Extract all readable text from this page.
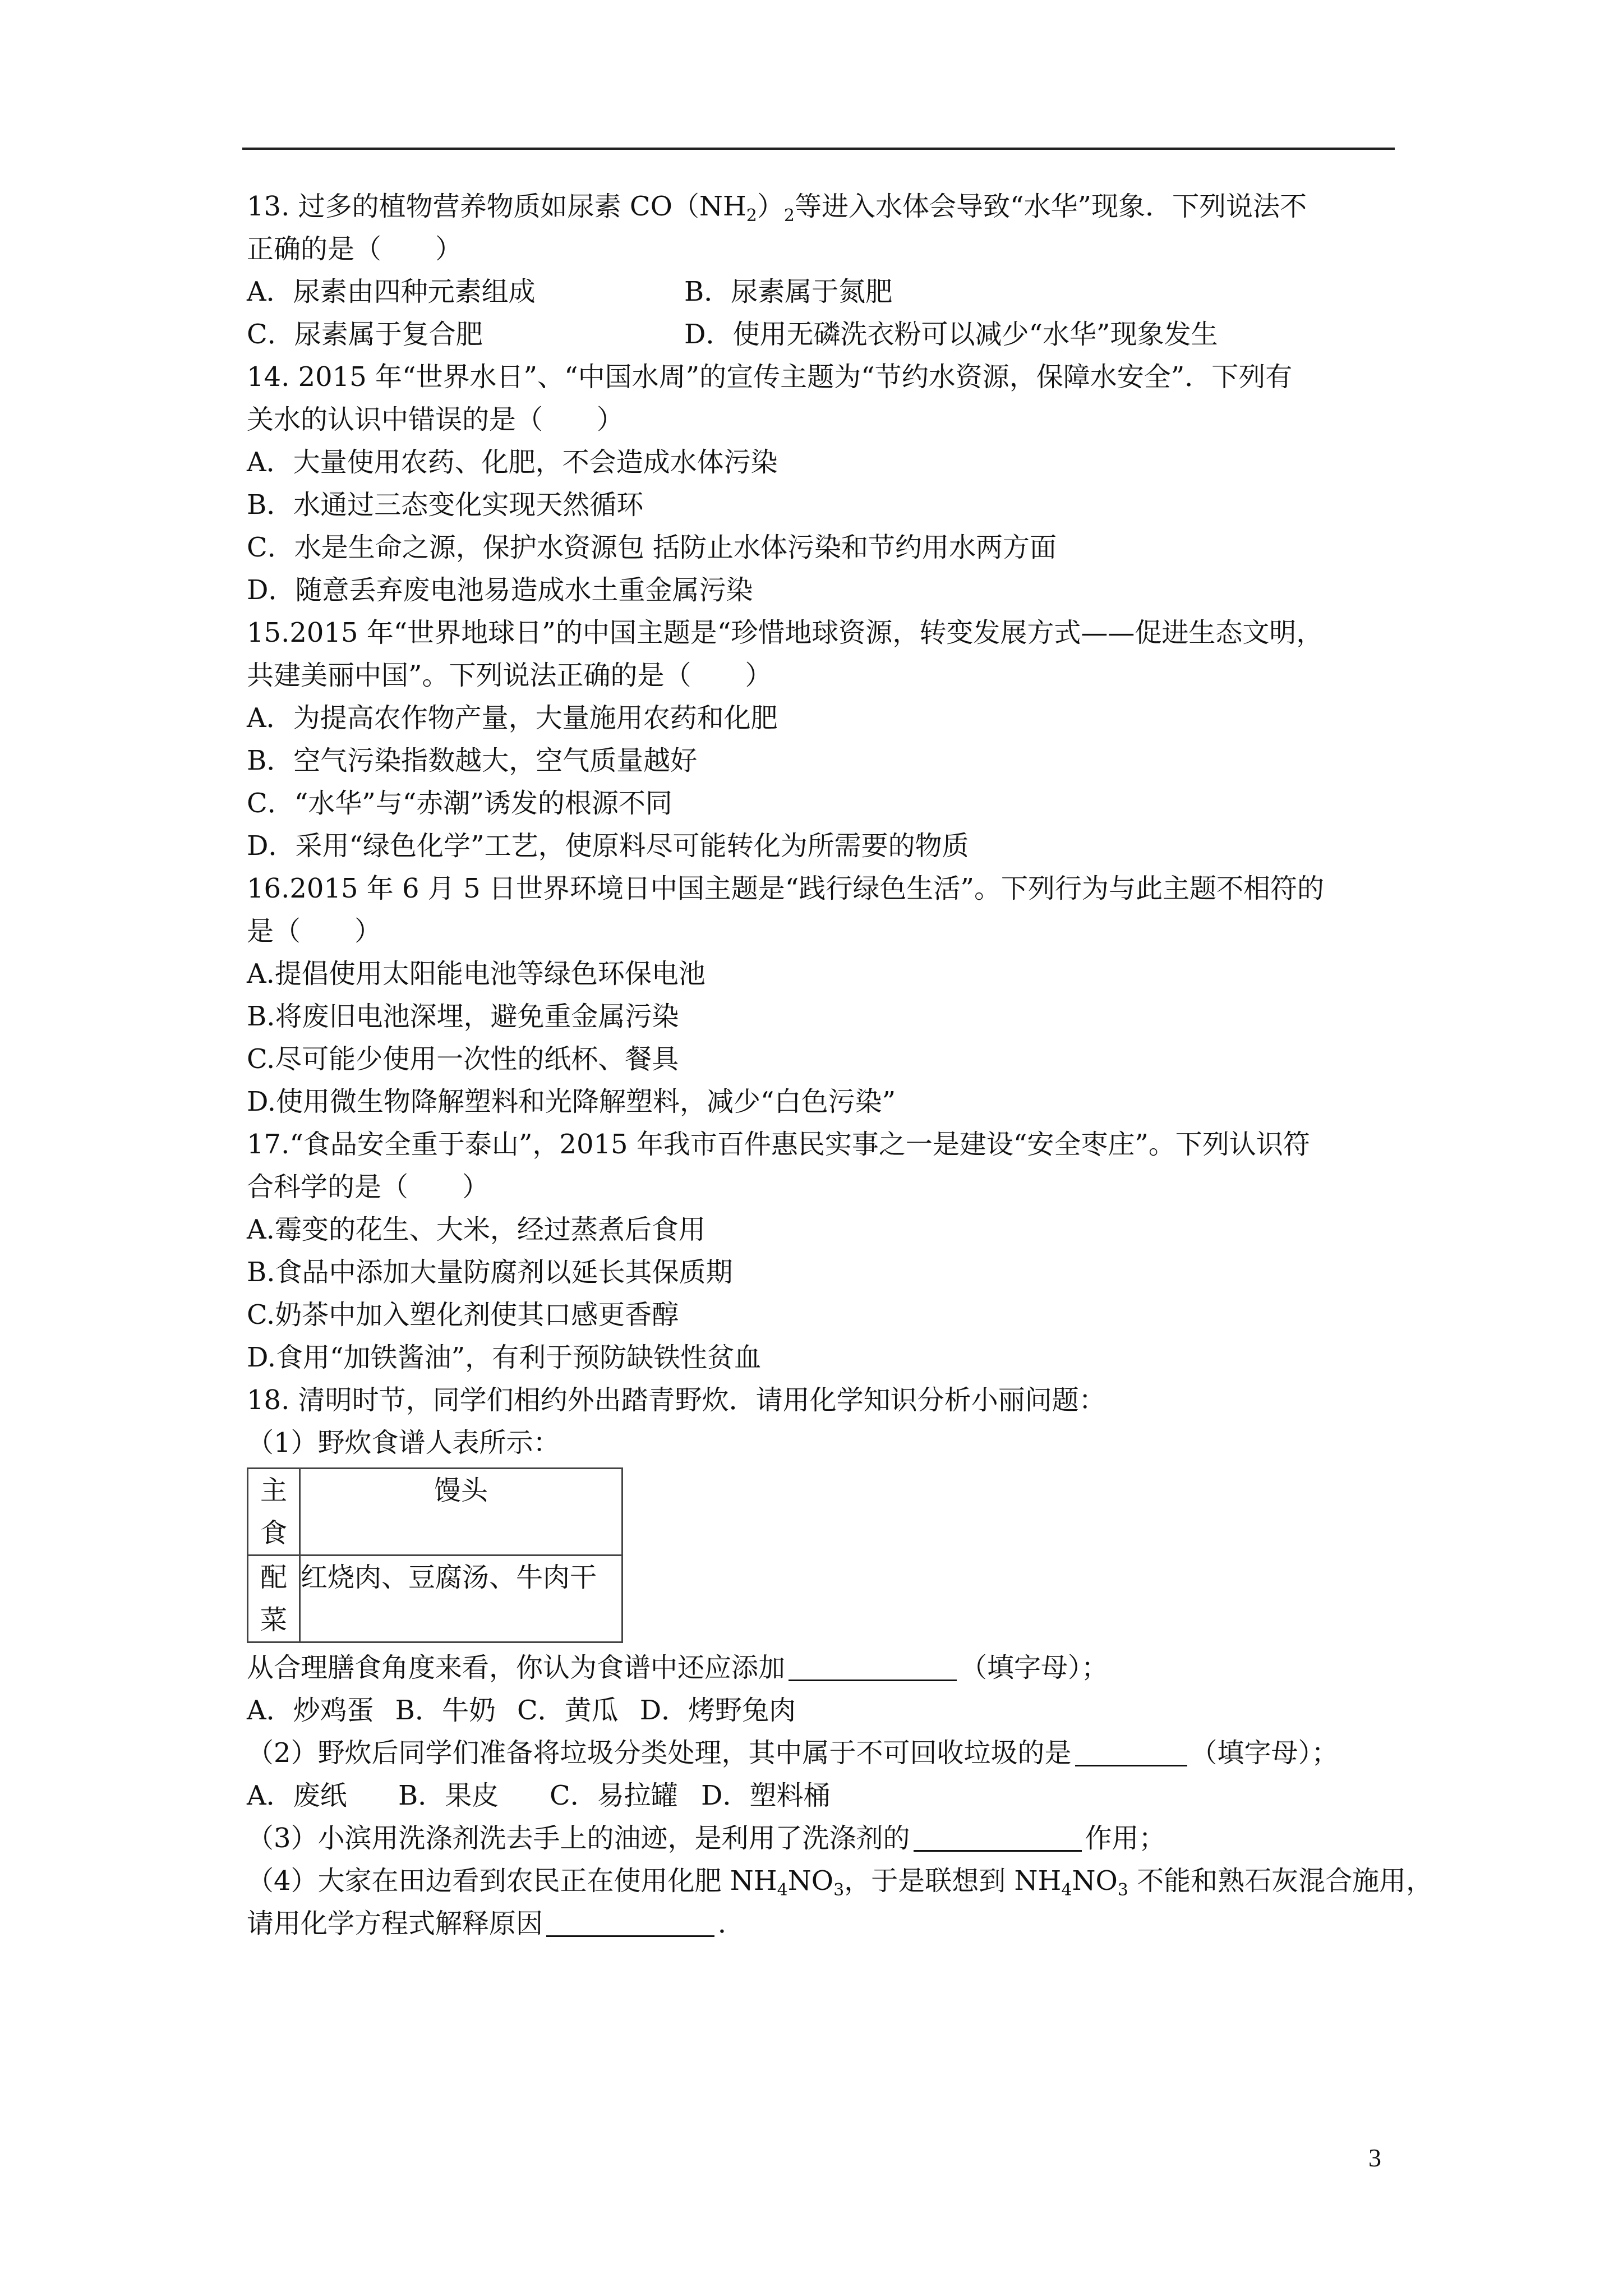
13. 过多的植物营养物质如尿素 $CO(NH_2)_2$等进入水体会导致“水华”现象．下列说法不
正确的是（　　）
A．尿素由四种元素组成	B．尿素属于氮肥
C．尿素属于复合肥	D．使用无磷洗衣粉可以减少“水华”现象发生
14. 2015 年“世界水日”、“中国水周”的宣传主题为“节约水资源，保障水安全”．下列有
关水的认识中错误的是（　　）
A．大量使用农药、化肥，不会造成水体污染
B．水通过三态变化实现天然循环
C．水是生命之源，保护水资源包 括防止水体污染和节约用水两方面
D．随意丢弃废电池易造成水土重金属污染
15.2015 年“世界地球日”的中国主题是“珍惜地球资源，转变发展方式——促进生态文明，
共建美丽中国”。下列说法正确的是（　　）
A．为提高农作物产量，大量施用农药和化肥
B．空气污染指数越大，空气质量越好
C．“水华”与“赤潮”诱发的根源不同
D．采用“绿色化学”工艺，使原料尽可能转化为所需要的物质
16.2015 年 6 月 5 日世界环境日中国主题是“践行绿色生活”。下列行为与此主题不相符的
是（　　）
A.提倡使用太阳能电池等绿色环保电池
B.将废旧电池深埋，避免重金属污染
C.尽可能少使用一次性的纸杯、餐具
D.使用微生物降解塑料和光降解塑料，减少“白色污染”
17.“食品安全重于泰山”，2015 年我市百件惠民实事之一是建设“安全枣庄”。下列认识符
合科学的是（　　）
A.霉变的花生、大米，经过蒸煮后食用
B.食品中添加大量防腐剂以延长其保质期
C.奶茶中加入塑化剂使其口感更香醇
D.食用“加铁酱油”，有利于预防缺铁性贫血
18. 清明时节，同学们相约外出踏青野炊．请用化学知识分析小丽问题：
（1）野炊食谱人表所示：
主
食	馒头

配
菜	红烧肉、豆腐汤、牛肉干
从合理膳食角度来看，你认为食谱中还应添加	（填字母）；
A．炒鸡蛋 B．牛奶 C．黄瓜 D．烤野兔肉
（2）野炊后同学们准备将垃圾分类处理，其中属于不可回收垃圾的是	（填字母）；
A．废纸	B．果皮	C．易拉罐 D．塑料桶
（3）小滨用洗涤剂洗去手上的油迹，是利用了洗涤剂的	作用；
（4）大家在田边看到农民正在使用化肥 $NH_4NO_3$，于是联想到 $NH_4NO_3$ 不能和熟石灰混合施用，
请用化学方程式解释原因	．
3
